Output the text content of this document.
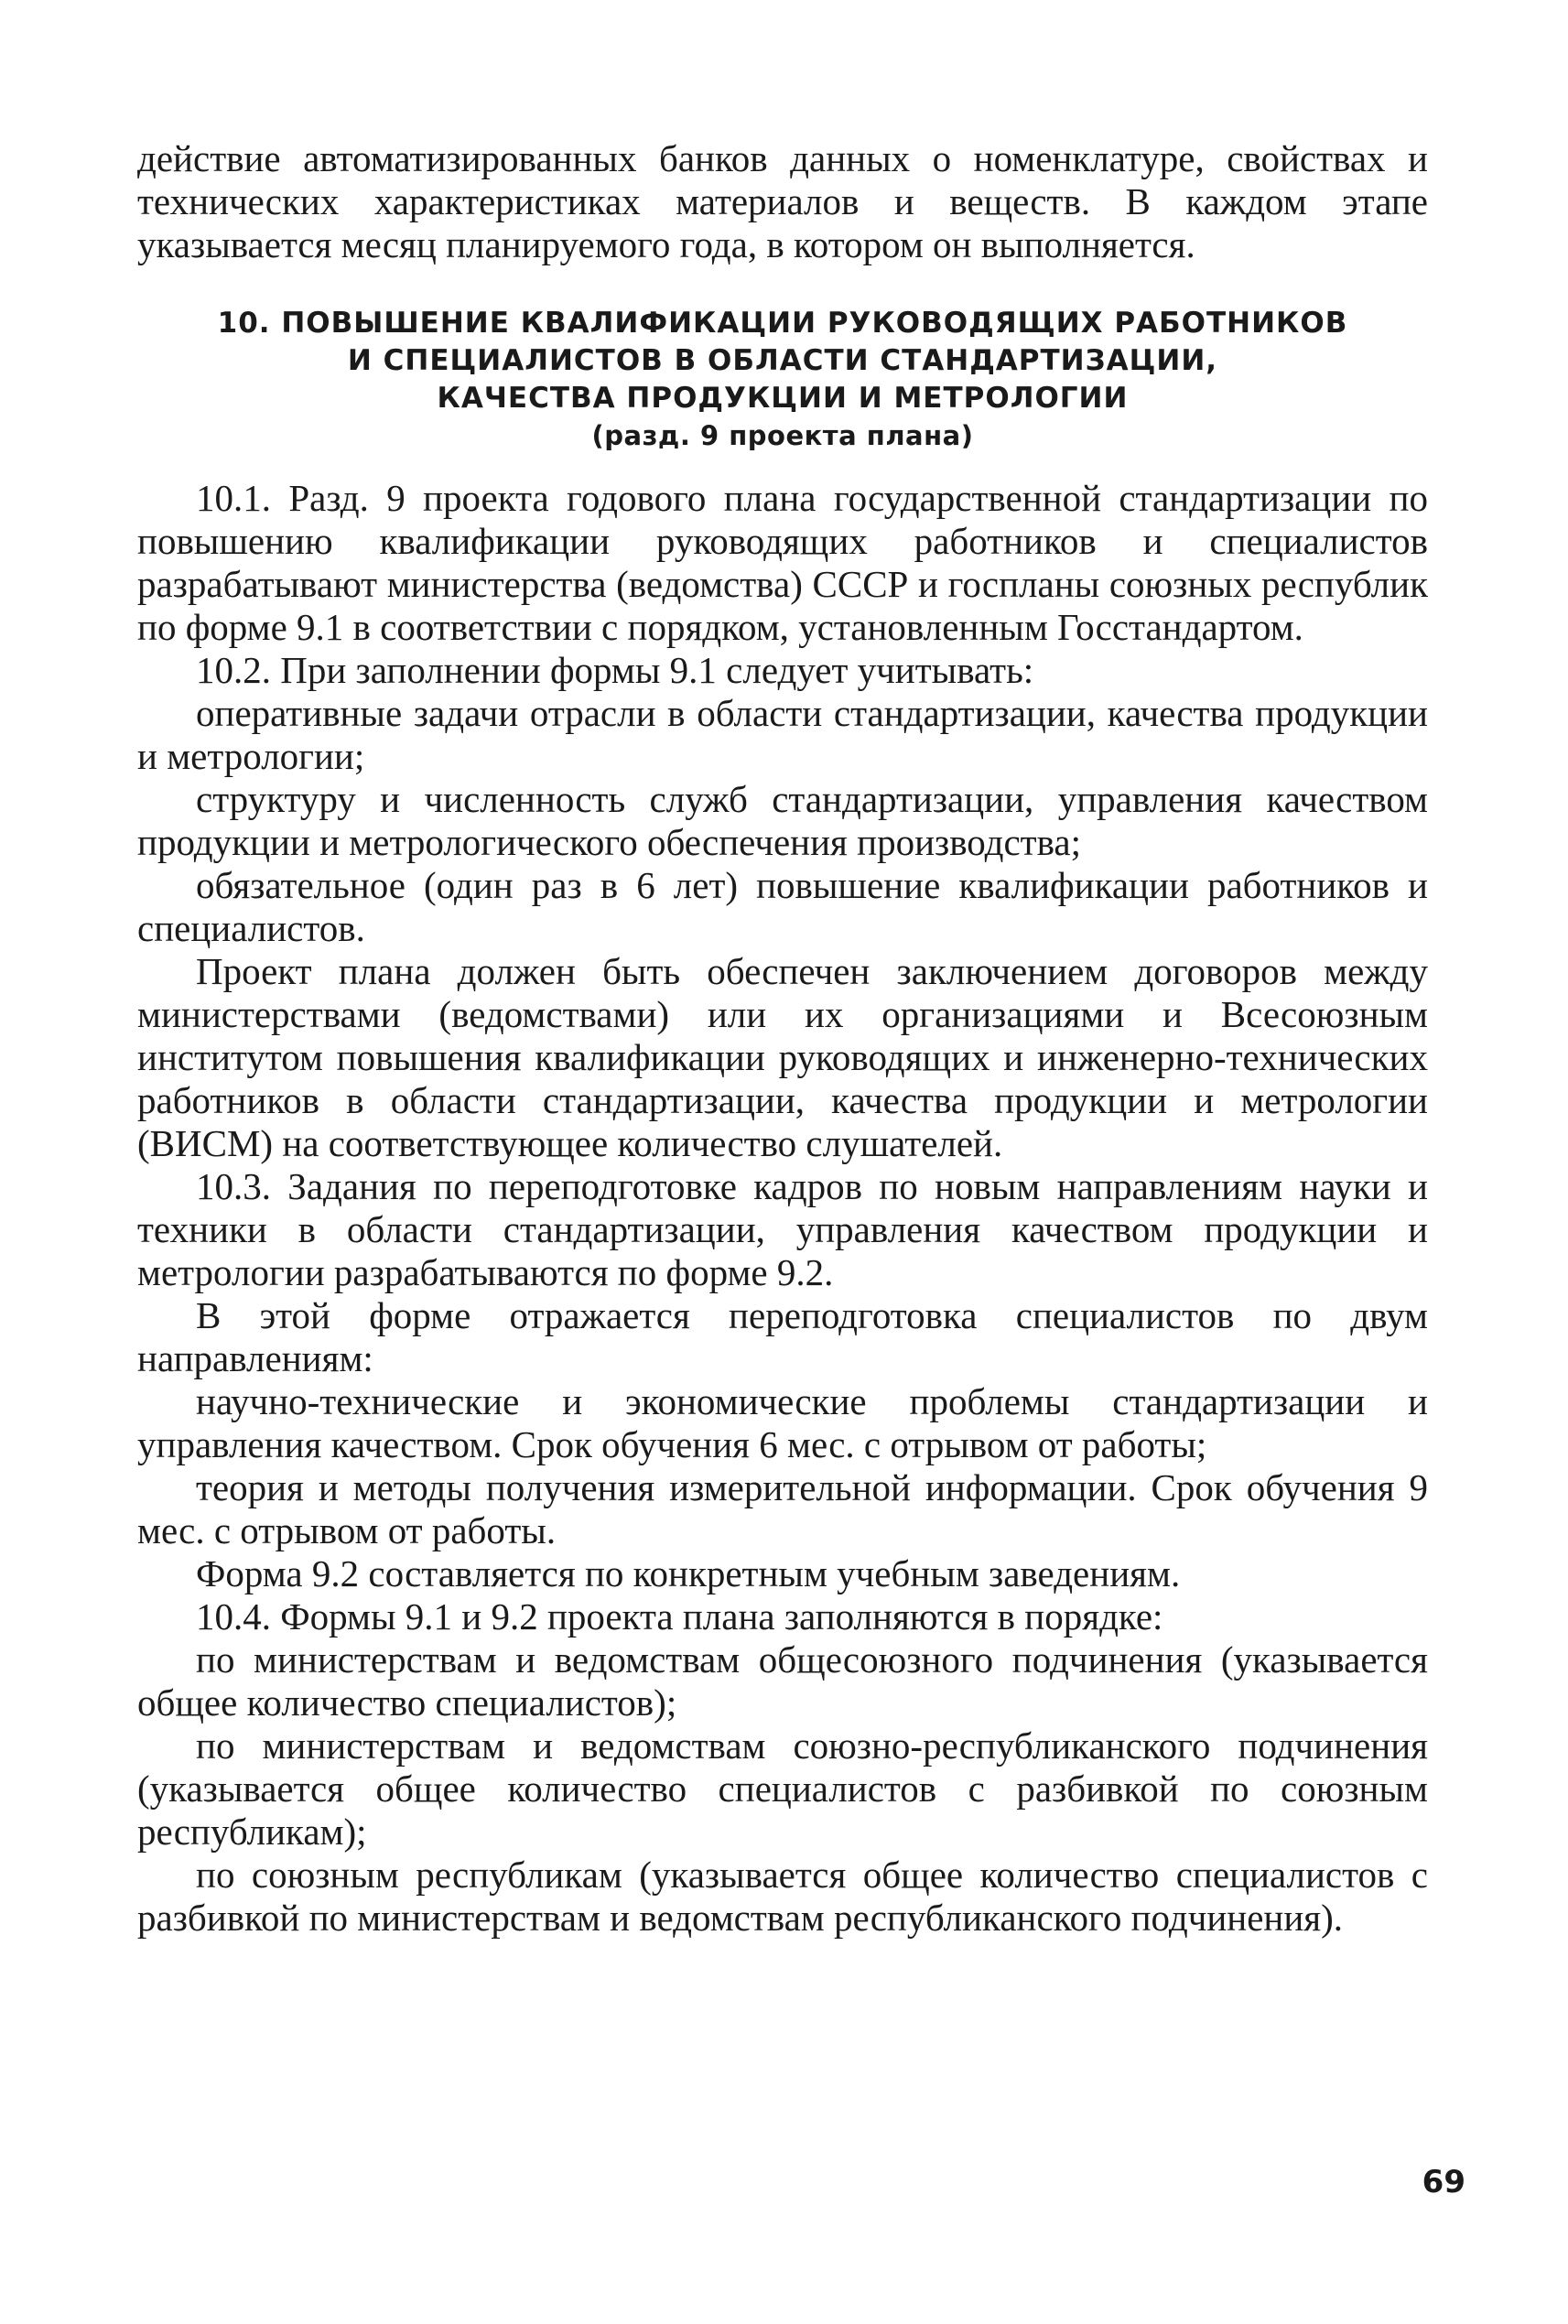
действие автоматизированных банков данных о номенклатуре, свойствах и технических характеристиках материалов и веществ. В каждом этапе указывается месяц планируемого года, в котором он выполняется.

10. ПОВЫШЕНИЕ КВАЛИФИКАЦИИ РУКОВОДЯЩИХ РАБОТНИКОВ
И СПЕЦИАЛИСТОВ В ОБЛАСТИ СТАНДАРТИЗАЦИИ,
КАЧЕСТВА ПРОДУКЦИИ И МЕТРОЛОГИИ
(разд. 9 проекта плана)

10.1. Разд. 9 проекта годового плана государственной стандартизации по повышению квалификации руководящих работников и специалистов разрабатывают министерства (ведомства) СССР и госпланы союзных республик по форме 9.1 в соответствии с порядком, установленным Госстандартом.

10.2. При заполнении формы 9.1 следует учитывать:

оперативные задачи отрасли в области стандартизации, качества продукции и метрологии;

структуру и численность служб стандартизации, управления качеством продукции и метрологического обеспечения производства;

обязательное (один раз в 6 лет) повышение квалификации работников и специалистов.

Проект плана должен быть обеспечен заключением договоров между министерствами (ведомствами) или их организациями и Всесоюзным институтом повышения квалификации руководящих и инженерно-технических работников в области стандартизации, качества продукции и метрологии (ВИСМ) на соответствующее количество слушателей.

10.3. Задания по переподготовке кадров по новым направлениям науки и техники в области стандартизации, управления качеством продукции и метрологии разрабатываются по форме 9.2.

В этой форме отражается переподготовка специалистов по двум направлениям:

научно-технические и экономические проблемы стандартизации и управления качеством. Срок обучения 6 мес. с отрывом от работы;

теория и методы получения измерительной информации. Срок обучения 9 мес. с отрывом от работы.

Форма 9.2 составляется по конкретным учебным заведениям.

10.4. Формы 9.1 и 9.2 проекта плана заполняются в порядке:

по министерствам и ведомствам общесоюзного подчинения (указывается общее количество специалистов);

по министерствам и ведомствам союзно-республиканского подчинения (указывается общее количество специалистов с разбивкой по союзным республикам);

по союзным республикам (указывается общее количество специалистов с разбивкой по министерствам и ведомствам республиканского подчинения).

69
